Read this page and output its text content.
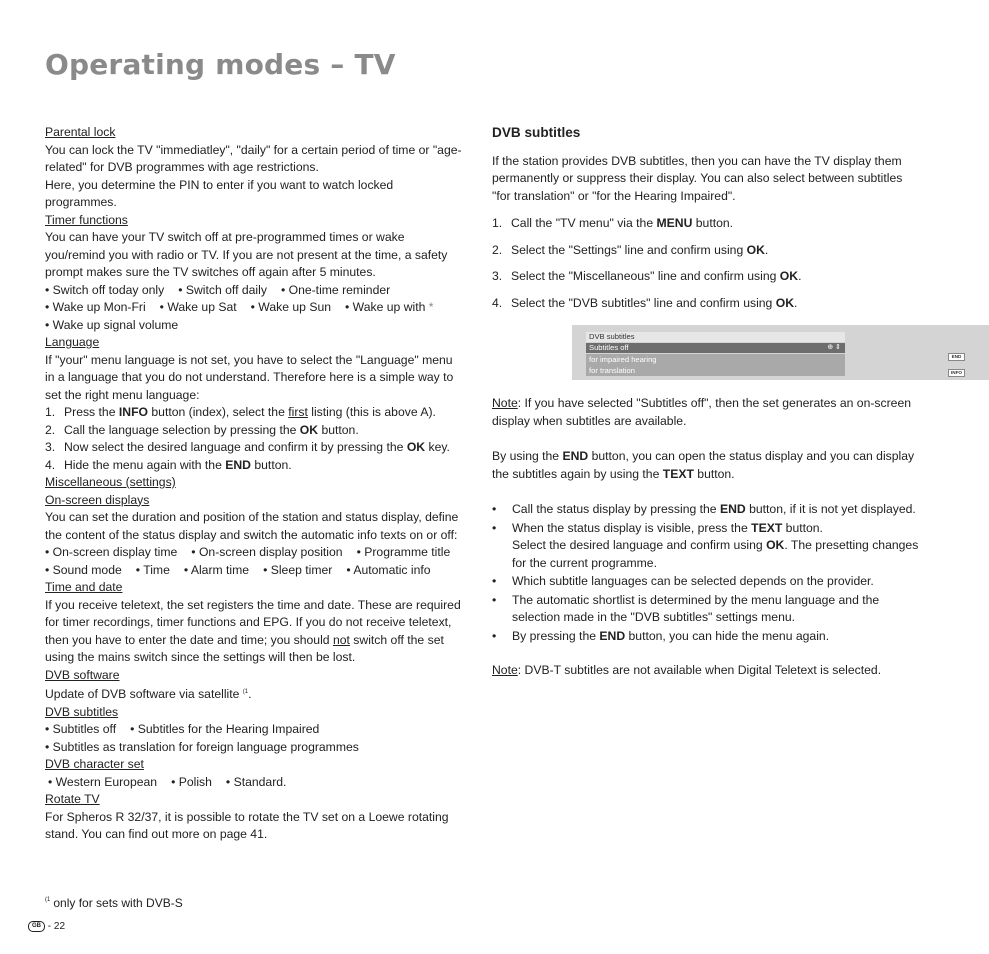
Operating modes – TV

Parental lock

You can lock the TV "immediatley", "daily" for a certain period of time or "age-related" for DVB programmes with age restrictions.

Here, you determine the PIN to enter if you want to watch locked programmes.

Timer functions

You can have your TV switch off at pre-programmed times or wake you/remind you with radio or TV. If you are not present at the time, a safety prompt makes sure the TV switches off again after 5 minutes.

• Switch off today only • Switch off daily • One-time reminder

• Wake up Mon-Fri • Wake up Sat • Wake up Sun • Wake up with *

• Wake up signal volume

Language

If "your" menu language is not set, you have to select the "Language" menu in a language that you do not understand. Therefore here is a simple way to set the right menu language:

1. Press the INFO button (index), select the first listing (this is above A).
2. Call the language selection by pressing the OK button.
3. Now select the desired language and confirm it by pressing the OK key.
4. Hide the menu again with the END button.

Miscellaneous (settings)

On-screen displays

You can set the duration and position of the station and status display, define the content of the status display and switch the automatic info texts on or off:

• On-screen display time • On-screen display position • Programme title

• Sound mode • Time • Alarm time • Sleep timer • Automatic info

Time and date

If you receive teletext, the set registers the time and date. These are required for timer recordings, timer functions and EPG. If you do not receive teletext, then you have to enter the date and time; you should not switch off the set using the mains switch since the settings will then be lost.

DVB software

Update of DVB software via satellite $^{(1}$.

DVB subtitles

• Subtitles off • Subtitles for the Hearing Impaired

• Subtitles as translation for foreign language programmes

DVB character set

• Western European • Polish • Standard.

Rotate TV

For Spheros R 32/37, it is possible to rotate the TV set on a Loewe rotating stand. You can find out more on page 41.

DVB subtitles

If the station provides DVB subtitles, then you can have the TV display them permanently or suppress their display. You can also select between subtitles "for translation" or "for the Hearing Impaired".

1. Call the "TV menu" via the MENU button.
2. Select the "Settings" line and confirm using OK.
3. Select the "Miscellaneous" line and confirm using OK.
4. Select the "DVB subtitles" line and confirm using OK.
DVB subtitles
Subtitles off	⊕ ⇕
for impaired hearing
for translation
END
INFO

Note: If you have selected "Subtitles off", then the set generates an on-screen display when subtitles are available.

By using the END button, you can open the status display and you can display the subtitles again by using the TEXT button.

• Call the status display by pressing the END button, if it is not yet displayed.
• When the status display is visible, press the TEXT button.
Select the desired language and confirm using OK. The presetting changes for the current programme.
• Which subtitle languages can be selected depends on the provider.
• The automatic shortlist is determined by the menu language and the selection made in the "DVB subtitles" settings menu.
• By pressing the END button, you can hide the menu again.

Note: DVB-T subtitles are not available when Digital Teletext is selected.

$^{(1}$ only for sets with DVB-S
GB - 22
